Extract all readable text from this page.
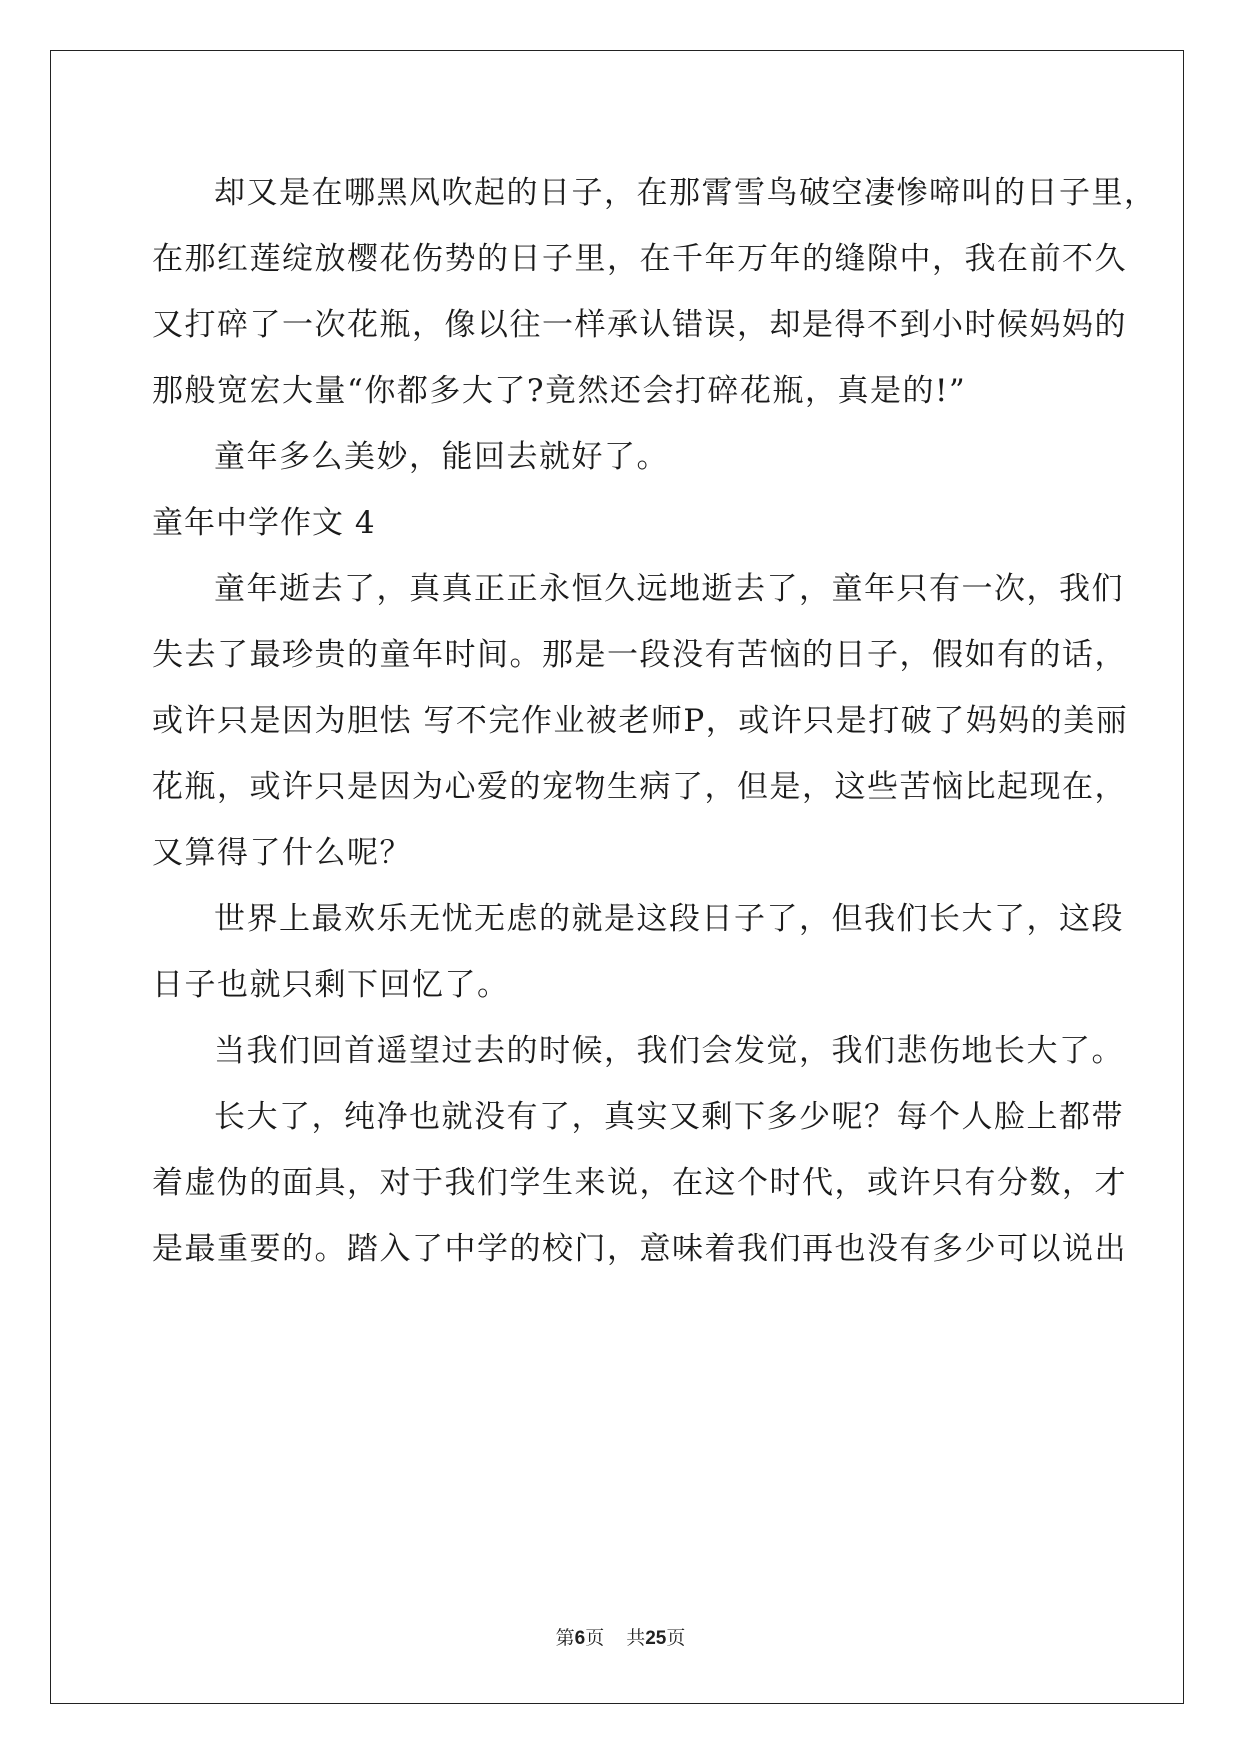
却又是在哪黑风吹起的日子，在那霄雪鸟破空凄惨啼叫的日子里，
在那红莲绽放樱花伤势的日子里，在千年万年的缝隙中，我在前不久
又打碎了一次花瓶，像以往一样承认错误，却是得不到小时候妈妈的
那般宽宏大量“你都多大了?竟然还会打碎花瓶，真是的!”
童年多么美妙，能回去就好了。
童年中学作文 4
童年逝去了，真真正正永恒久远地逝去了，童年只有一次，我们
失去了最珍贵的童年时间。那是一段没有苦恼的日子，假如有的话，
或许只是因为胆怯 写不完作业被老师P，或许只是打破了妈妈的美丽
花瓶，或许只是因为心爱的宠物生病了，但是，这些苦恼比起现在，
又算得了什么呢？
世界上最欢乐无忧无虑的就是这段日子了，但我们长大了，这段
日子也就只剩下回忆了。
当我们回首遥望过去的时候，我们会发觉，我们悲伤地长大了。
长大了，纯净也就没有了，真实又剩下多少呢？每个人脸上都带
着虚伪的面具，对于我们学生来说，在这个时代，或许只有分数，才
是最重要的。踏入了中学的校门，意味着我们再也没有多少可以说出
第6页 共25页
